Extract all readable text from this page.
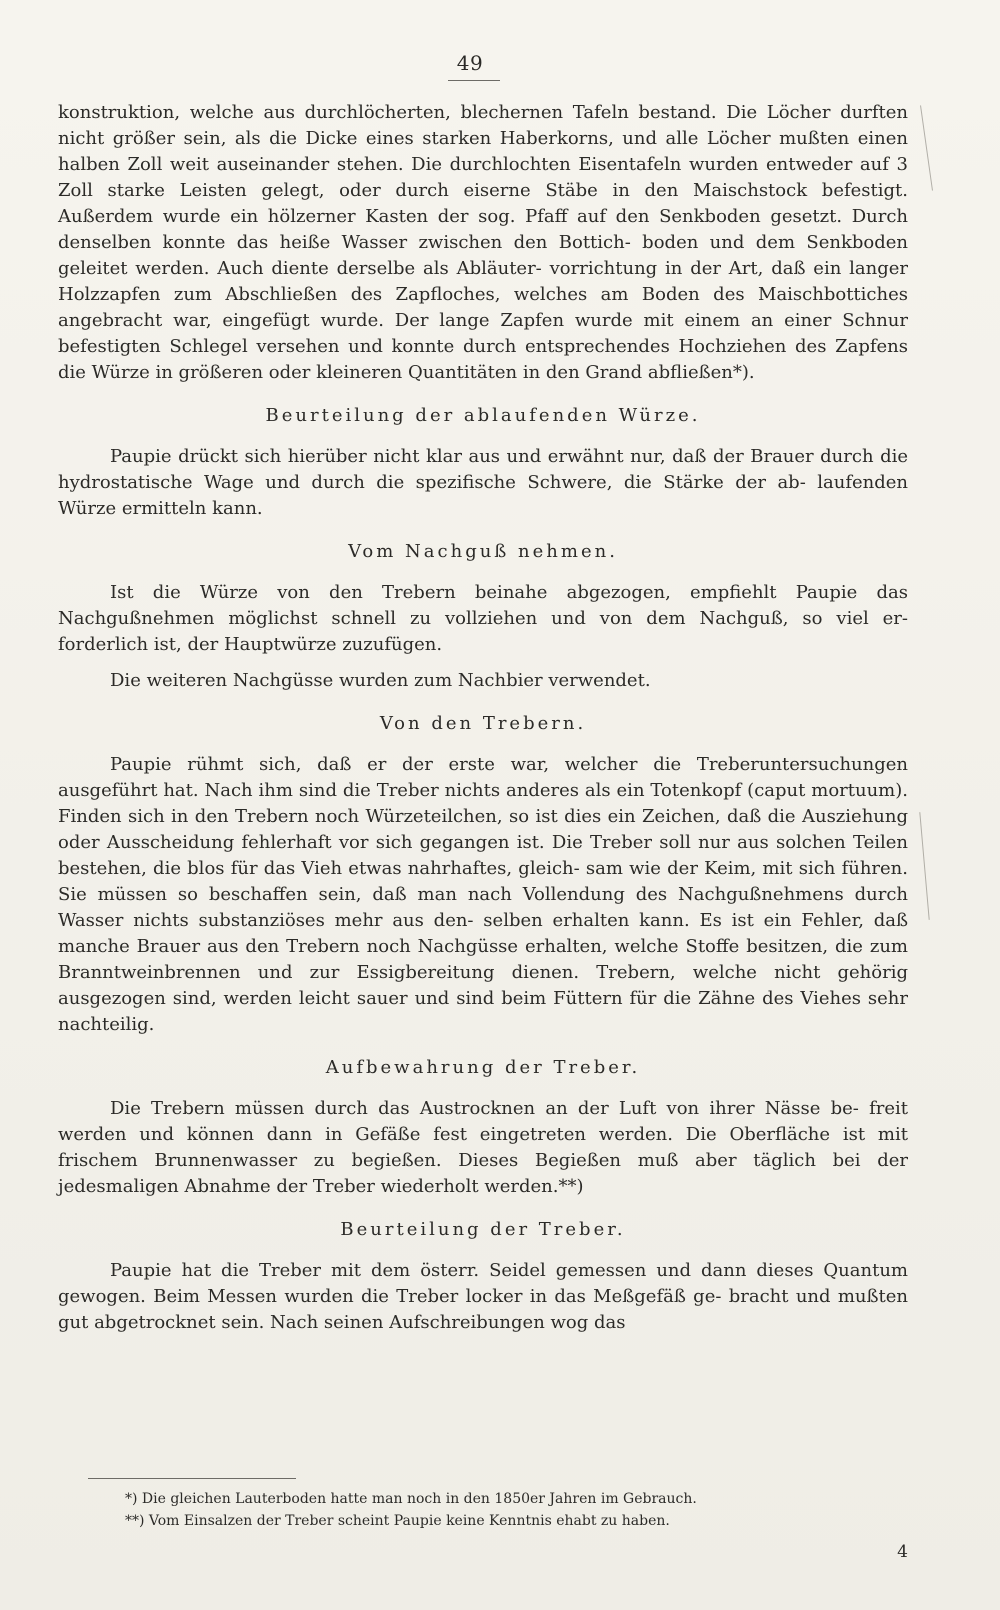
49

konstruktion, welche aus durchlöcherten, blechernen Tafeln bestand. Die Löcher durften nicht größer sein, als die Dicke eines starken Haberkorns, und alle Löcher mußten einen halben Zoll weit auseinander stehen. Die durchlochten Eisentafeln wurden entweder auf 3 Zoll starke Leisten gelegt, oder durch eiserne Stäbe in den Maischstock befestigt. Außerdem wurde ein hölzerner Kasten der sog. Pfaff auf den Senkboden gesetzt. Durch denselben konnte das heiße Wasser zwischen den Bottich- boden und dem Senkboden geleitet werden. Auch diente derselbe als Abläuter- vorrichtung in der Art, daß ein langer Holzzapfen zum Abschließen des Zapfloches, welches am Boden des Maischbottiches angebracht war, eingefügt wurde. Der lange Zapfen wurde mit einem an einer Schnur befestigten Schlegel versehen und konnte durch entsprechendes Hochziehen des Zapfens die Würze in größeren oder kleineren Quantitäten in den Grand abfließen*).

Beurteilung der ablaufenden Würze.

Paupie drückt sich hierüber nicht klar aus und erwähnt nur, daß der Brauer durch die hydrostatische Wage und durch die spezifische Schwere, die Stärke der ab- laufenden Würze ermitteln kann.

Vom Nachguß nehmen.

Ist die Würze von den Trebern beinahe abgezogen, empfiehlt Paupie das Nachgußnehmen möglichst schnell zu vollziehen und von dem Nachguß, so viel er- forderlich ist, der Hauptwürze zuzufügen.

Die weiteren Nachgüsse wurden zum Nachbier verwendet.

Von den Trebern.

Paupie rühmt sich, daß er der erste war, welcher die Treberuntersuchungen ausgeführt hat. Nach ihm sind die Treber nichts anderes als ein Totenkopf (caput mortuum). Finden sich in den Trebern noch Würzeteilchen, so ist dies ein Zeichen, daß die Ausziehung oder Ausscheidung fehlerhaft vor sich gegangen ist. Die Treber soll nur aus solchen Teilen bestehen, die blos für das Vieh etwas nahrhaftes, gleich- sam wie der Keim, mit sich führen. Sie müssen so beschaffen sein, daß man nach Vollendung des Nachgußnehmens durch Wasser nichts substanziöses mehr aus den- selben erhalten kann. Es ist ein Fehler, daß manche Brauer aus den Trebern noch Nachgüsse erhalten, welche Stoffe besitzen, die zum Branntweinbrennen und zur Essigbereitung dienen. Trebern, welche nicht gehörig ausgezogen sind, werden leicht sauer und sind beim Füttern für die Zähne des Viehes sehr nachteilig.

Aufbewahrung der Treber.

Die Trebern müssen durch das Austrocknen an der Luft von ihrer Nässe be- freit werden und können dann in Gefäße fest eingetreten werden. Die Oberfläche ist mit frischem Brunnenwasser zu begießen. Dieses Begießen muß aber täglich bei der jedesmaligen Abnahme der Treber wiederholt werden.**)

Beurteilung der Treber.

Paupie hat die Treber mit dem österr. Seidel gemessen und dann dieses Quantum gewogen. Beim Messen wurden die Treber locker in das Meßgefäß ge- bracht und mußten gut abgetrocknet sein. Nach seinen Aufschreibungen wog das

*) Die gleichen Lauterboden hatte man noch in den 1850er Jahren im Gebrauch.

**) Vom Einsalzen der Treber scheint Paupie keine Kenntnis ehabt zu haben.

4
